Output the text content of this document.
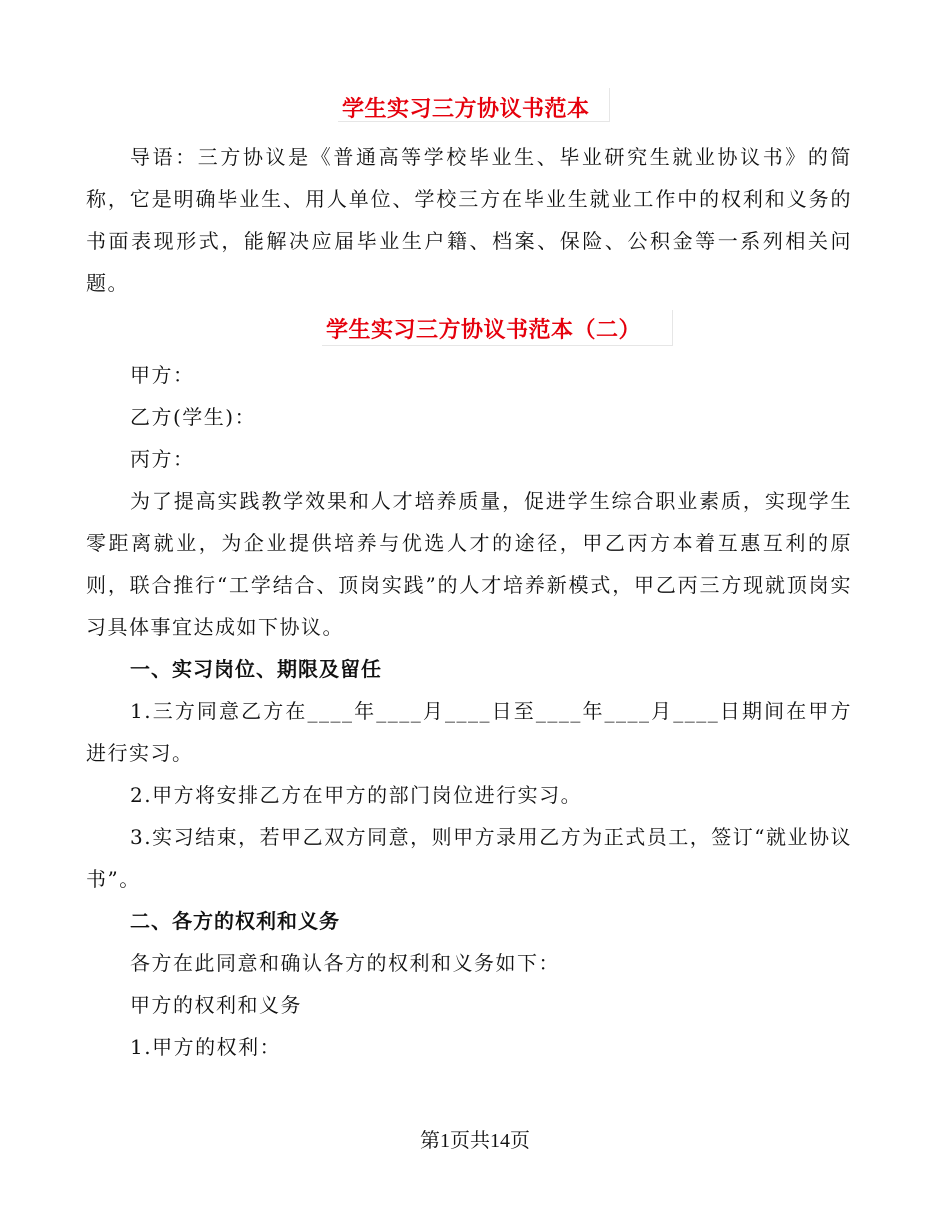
学生实习三方协议书范本

导语：三方协议是《普通高等学校毕业生、毕业研究生就业协议书》的简称，它是明确毕业生、用人单位、学校三方在毕业生就业工作中的权利和义务的书面表现形式，能解决应届毕业生户籍、档案、保险、公积金等一系列相关问题。

学生实习三方协议书范本（二）
甲方：
乙方(学生)：
丙方：

为了提高实践教学效果和人才培养质量，促进学生综合职业素质，实现学生零距离就业，为企业提供培养与优选人才的途径，甲乙丙方本着互惠互利的原则，联合推行“工学结合、顶岗实践”的人才培养新模式，甲乙丙三方现就顶岗实习具体事宜达成如下协议。

一、实习岗位、期限及留任

1.三方同意乙方在____年____月____日至____年____月____日期间在甲方进行实习。

2.甲方将安排乙方在甲方的部门岗位进行实习。

3.实习结束，若甲乙双方同意，则甲方录用乙方为正式员工，签订“就业协议书”。

二、各方的权利和义务
各方在此同意和确认各方的权利和义务如下：
甲方的权利和义务
1.甲方的权利：
第1页共14页
